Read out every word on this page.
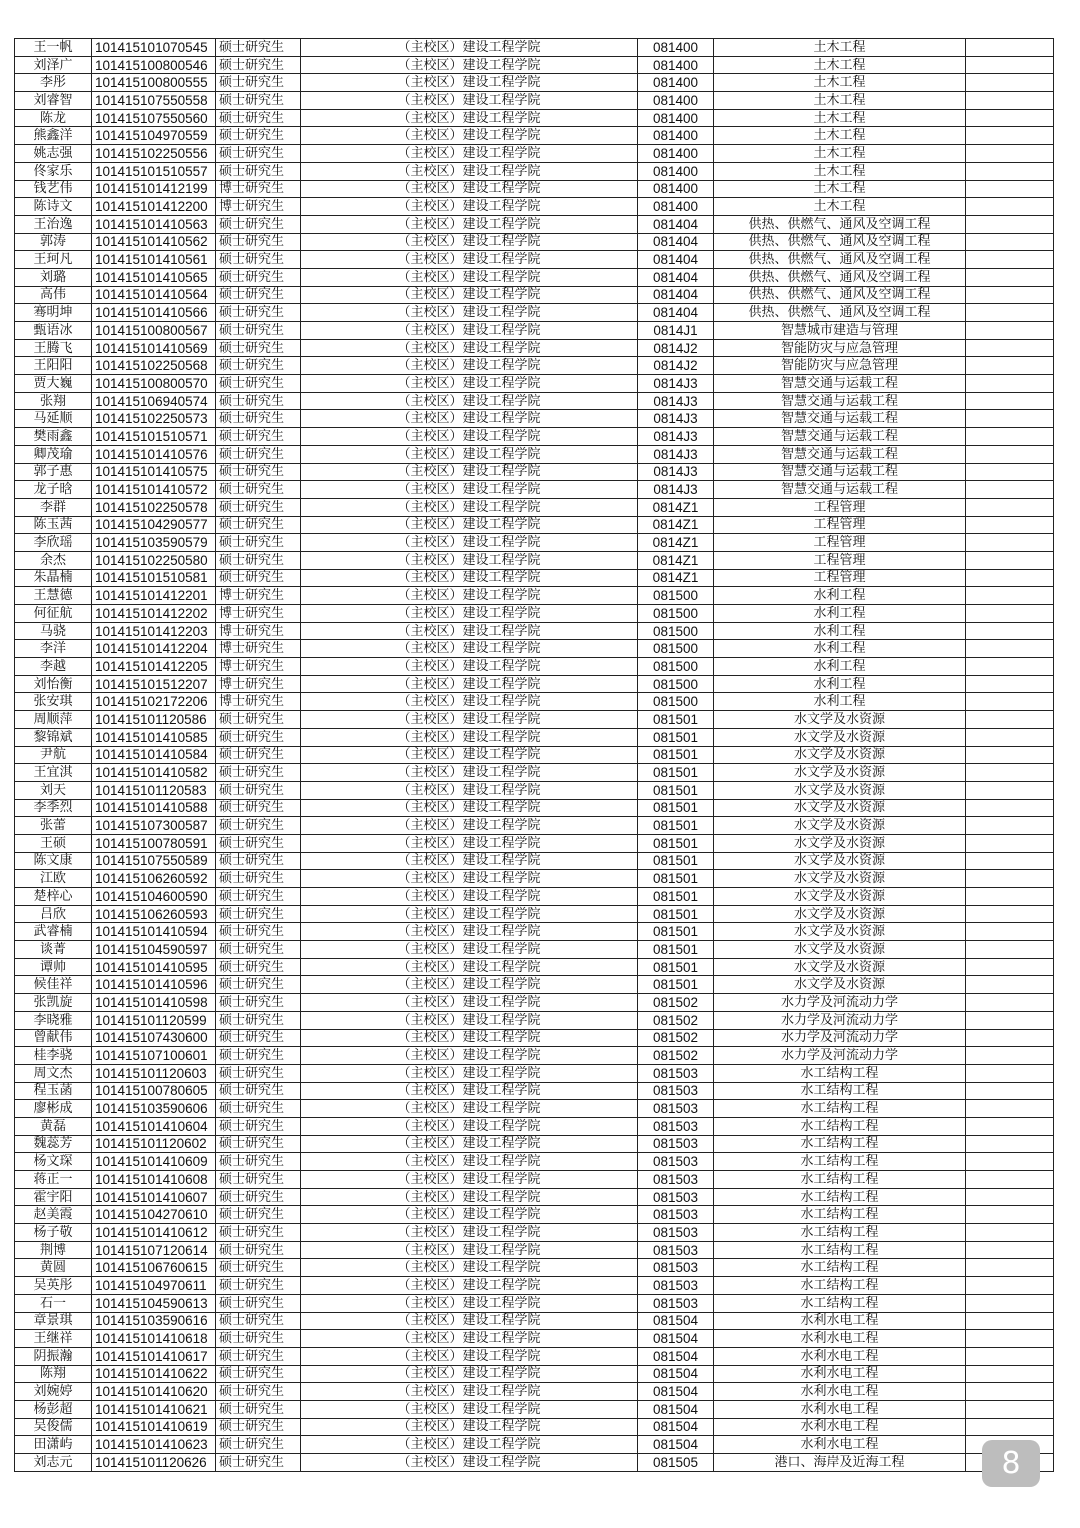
王一帆	101415101070545	硕士研究生	（主校区）建设工程学院	081400	土木工程	
刘泽广	101415100800546	硕士研究生	（主校区）建设工程学院	081400	土木工程	
李彤	101415100800555	硕士研究生	（主校区）建设工程学院	081400	土木工程	
刘睿智	101415107550558	硕士研究生	（主校区）建设工程学院	081400	土木工程	
陈龙	101415107550560	硕士研究生	（主校区）建设工程学院	081400	土木工程	
熊鑫洋	101415104970559	硕士研究生	（主校区）建设工程学院	081400	土木工程	
姚志强	101415102250556	硕士研究生	（主校区）建设工程学院	081400	土木工程	
佟家乐	101415101510557	硕士研究生	（主校区）建设工程学院	081400	土木工程	
钱艺伟	101415101412199	博士研究生	（主校区）建设工程学院	081400	土木工程	
陈诗文	101415101412200	博士研究生	（主校区）建设工程学院	081400	土木工程	
王治逸	101415101410563	硕士研究生	（主校区）建设工程学院	081404	供热、供燃气、通风及空调工程	
郭涛	101415101410562	硕士研究生	（主校区）建设工程学院	081404	供热、供燃气、通风及空调工程	
王珂凡	101415101410561	硕士研究生	（主校区）建设工程学院	081404	供热、供燃气、通风及空调工程	
刘璐	101415101410565	硕士研究生	（主校区）建设工程学院	081404	供热、供燃气、通风及空调工程	
高伟	101415101410564	硕士研究生	（主校区）建设工程学院	081404	供热、供燃气、通风及空调工程	
骞明坤	101415101410566	硕士研究生	（主校区）建设工程学院	081404	供热、供燃气、通风及空调工程	
甄语冰	101415100800567	硕士研究生	（主校区）建设工程学院	0814J1	智慧城市建造与管理	
王腾飞	101415101410569	硕士研究生	（主校区）建设工程学院	0814J2	智能防灾与应急管理	
王阳阳	101415102250568	硕士研究生	（主校区）建设工程学院	0814J2	智能防灾与应急管理	
贾大巍	101415100800570	硕士研究生	（主校区）建设工程学院	0814J3	智慧交通与运载工程	
张翔	101415106940574	硕士研究生	（主校区）建设工程学院	0814J3	智慧交通与运载工程	
马延顺	101415102250573	硕士研究生	（主校区）建设工程学院	0814J3	智慧交通与运载工程	
樊雨鑫	101415101510571	硕士研究生	（主校区）建设工程学院	0814J3	智慧交通与运载工程	
卿茂瑜	101415101410576	硕士研究生	（主校区）建设工程学院	0814J3	智慧交通与运载工程	
郭子惠	101415101410575	硕士研究生	（主校区）建设工程学院	0814J3	智慧交通与运载工程	
龙子晗	101415101410572	硕士研究生	（主校区）建设工程学院	0814J3	智慧交通与运载工程	
李群	101415102250578	硕士研究生	（主校区）建设工程学院	0814Z1	工程管理	
陈玉茜	101415104290577	硕士研究生	（主校区）建设工程学院	0814Z1	工程管理	
李欣瑶	101415103590579	硕士研究生	（主校区）建设工程学院	0814Z1	工程管理	
余杰	101415102250580	硕士研究生	（主校区）建设工程学院	0814Z1	工程管理	
朱晶楠	101415101510581	硕士研究生	（主校区）建设工程学院	0814Z1	工程管理	
王慧德	101415101412201	博士研究生	（主校区）建设工程学院	081500	水利工程	
何征航	101415101412202	博士研究生	（主校区）建设工程学院	081500	水利工程	
马骁	101415101412203	博士研究生	（主校区）建设工程学院	081500	水利工程	
李洋	101415101412204	博士研究生	（主校区）建设工程学院	081500	水利工程	
李越	101415101412205	博士研究生	（主校区）建设工程学院	081500	水利工程	
刘怡衡	101415101512207	博士研究生	（主校区）建设工程学院	081500	水利工程	
张安琪	101415102172206	博士研究生	（主校区）建设工程学院	081500	水利工程	
周顺萍	101415101120586	硕士研究生	（主校区）建设工程学院	081501	水文学及水资源	
黎锦斌	101415101410585	硕士研究生	（主校区）建设工程学院	081501	水文学及水资源	
尹航	101415101410584	硕士研究生	（主校区）建设工程学院	081501	水文学及水资源	
王宜淇	101415101410582	硕士研究生	（主校区）建设工程学院	081501	水文学及水资源	
刘天	101415101120583	硕士研究生	（主校区）建设工程学院	081501	水文学及水资源	
李季烈	101415101410588	硕士研究生	（主校区）建设工程学院	081501	水文学及水资源	
张蕾	101415107300587	硕士研究生	（主校区）建设工程学院	081501	水文学及水资源	
王硕	101415100780591	硕士研究生	（主校区）建设工程学院	081501	水文学及水资源	
陈文康	101415107550589	硕士研究生	（主校区）建设工程学院	081501	水文学及水资源	
江欧	101415106260592	硕士研究生	（主校区）建设工程学院	081501	水文学及水资源	
楚梓心	101415104600590	硕士研究生	（主校区）建设工程学院	081501	水文学及水资源	
吕欣	101415106260593	硕士研究生	（主校区）建设工程学院	081501	水文学及水资源	
武睿楠	101415101410594	硕士研究生	（主校区）建设工程学院	081501	水文学及水资源	
谈菁	101415104590597	硕士研究生	（主校区）建设工程学院	081501	水文学及水资源	
谭帅	101415101410595	硕士研究生	（主校区）建设工程学院	081501	水文学及水资源	
候佳祥	101415101410596	硕士研究生	（主校区）建设工程学院	081501	水文学及水资源	
张凯旋	101415101410598	硕士研究生	（主校区）建设工程学院	081502	水力学及河流动力学	
李晓雅	101415101120599	硕士研究生	（主校区）建设工程学院	081502	水力学及河流动力学	
曾献伟	101415107430600	硕士研究生	（主校区）建设工程学院	081502	水力学及河流动力学	
桂李骁	101415107100601	硕士研究生	（主校区）建设工程学院	081502	水力学及河流动力学	
周文杰	101415101120603	硕士研究生	（主校区）建设工程学院	081503	水工结构工程	
程玉菡	101415100780605	硕士研究生	（主校区）建设工程学院	081503	水工结构工程	
廖彬成	101415103590606	硕士研究生	（主校区）建设工程学院	081503	水工结构工程	
黄磊	101415101410604	硕士研究生	（主校区）建设工程学院	081503	水工结构工程	
魏蕊芳	101415101120602	硕士研究生	（主校区）建设工程学院	081503	水工结构工程	
杨文琛	101415101410609	硕士研究生	（主校区）建设工程学院	081503	水工结构工程	
蒋正一	101415101410608	硕士研究生	（主校区）建设工程学院	081503	水工结构工程	
霍宇阳	101415101410607	硕士研究生	（主校区）建设工程学院	081503	水工结构工程	
赵美霞	101415104270610	硕士研究生	（主校区）建设工程学院	081503	水工结构工程	
杨子敬	101415101410612	硕士研究生	（主校区）建设工程学院	081503	水工结构工程	
荆博	101415107120614	硕士研究生	（主校区）建设工程学院	081503	水工结构工程	
黄圆	101415106760615	硕士研究生	（主校区）建设工程学院	081503	水工结构工程	
吴英彤	101415104970611	硕士研究生	（主校区）建设工程学院	081503	水工结构工程	
石一	101415104590613	硕士研究生	（主校区）建设工程学院	081503	水工结构工程	
章景琪	101415103590616	硕士研究生	（主校区）建设工程学院	081504	水利水电工程	
王继祥	101415101410618	硕士研究生	（主校区）建设工程学院	081504	水利水电工程	
阴振瀚	101415101410617	硕士研究生	（主校区）建设工程学院	081504	水利水电工程	
陈翔	101415101410622	硕士研究生	（主校区）建设工程学院	081504	水利水电工程	
刘婉婷	101415101410620	硕士研究生	（主校区）建设工程学院	081504	水利水电工程	
杨彭超	101415101410621	硕士研究生	（主校区）建设工程学院	081504	水利水电工程	
吴俊儒	101415101410619	硕士研究生	（主校区）建设工程学院	081504	水利水电工程	
田潇屿	101415101410623	硕士研究生	（主校区）建设工程学院	081504	水利水电工程	
刘志元	101415101120626	硕士研究生	（主校区）建设工程学院	081505	港口、海岸及近海工程		8
